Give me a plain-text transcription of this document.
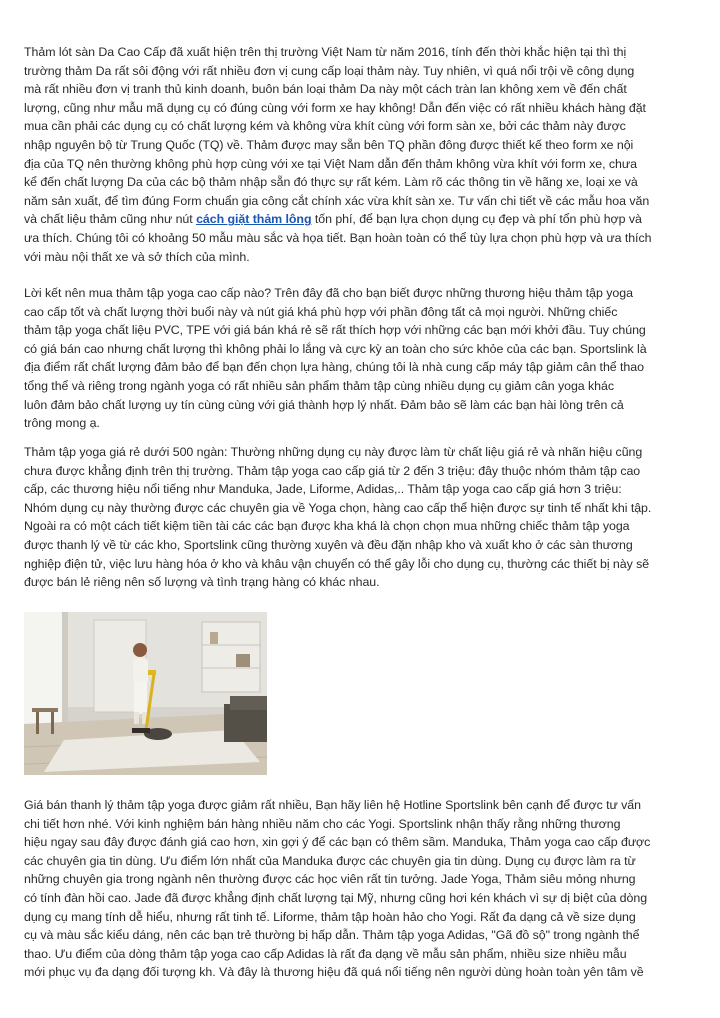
Thảm lót sàn Da Cao Cấp đã xuất hiện trên thị trường Việt Nam từ năm 2016, tính đến thời khắc hiện tại thì thị
trường thảm Da rất sôi động với rất nhiều đơn vị cung cấp loại thảm này. Tuy nhiên, vì quá nổi trội về công dụng
mà rất nhiều đơn vị tranh thủ kinh doanh, buôn bán loại thảm Da này một cách tràn lan không xem về đến chất
lượng, cũng như mẫu mã dụng cụ có đúng cùng với form xe hay không! Dẫn đến việc có rất nhiều khách hàng đặt
mua cần phải các dụng cụ có chất lượng kém và không vừa khít cùng với form sàn xe, bởi các thảm này được
nhập nguyên bộ từ Trung Quốc (TQ) về. Thảm được may sẵn bên TQ phần đông được thiết kế theo form xe nội
địa của TQ nên thường không phù hợp cùng với xe tại Việt Nam dẫn đến thảm không vừa khít với form xe, chưa
kể đến chất lượng Da của các bộ thảm nhập sẵn đó thực sự rất kém. Làm rõ các thông tin về hãng xe, loại xe và
năm sản xuất, để tìm đúng Form chuẩn gia công cắt chính xác vừa khít sàn xe. Tư vấn chi tiết về các mẫu hoa văn
và chất liệu thảm cũng như nút cách giặt thảm lông tốn phí, để bạn lựa chọn dụng cụ đẹp và phí tổn phù hợp và
ưa thích. Chúng tôi có khoảng 50 mẫu màu sắc và họa tiết. Bạn hoàn toàn có thể tùy lựa chọn phù hợp và ưa thích
với màu nội thất xe và sở thích của mình.
Lời kết nên mua thảm tập yoga cao cấp nào? Trên đây đã cho bạn biết được những thương hiệu thảm tập yoga
cao cấp tốt và chất lượng thời buổi này và nút giá khá phù hợp với phần đông tất cả mọi người. Những chiếc
thảm tập yoga chất liệu PVC, TPE với giá bán khá rẻ sẽ rất thích hợp với những các bạn mới khởi đầu. Tuy chúng
có giá bán cao nhưng chất lượng thì không phải lo lắng và cực kỳ an toàn cho sức khỏe của các bạn. Sportslink là
địa điểm rất chất lượng đảm bảo để bạn đến chọn lựa hàng, chúng tôi là nhà cung cấp máy tập giảm cân thể thao
tổng thể và riêng trong ngành yoga có rất nhiều sản phẩm thảm tập cùng nhiều dụng cụ giảm cân yoga khác
luôn đảm bảo chất lượng uy tín cùng cùng với giá thành hợp lý nhất. Đảm bảo sẽ làm các bạn hài lòng trên cả
trông mong ạ.
Thảm tập yoga giá rẻ dưới 500 ngàn: Thường những dụng cụ này được làm từ chất liệu giá rẻ và nhãn hiệu cũng
chưa được khẳng định trên thị trường. Thảm tập yoga cao cấp giá từ 2 đến 3 triệu: đây thuộc nhóm thảm tập cao
cấp, các thương hiệu nổi tiếng như Manduka, Jade, Liforme, Adidas,.. Thảm tập yoga cao cấp giá hơn 3 triệu:
Nhóm dụng cụ này thường được các chuyên gia về Yoga chọn, hàng cao cấp thể hiện được sự tinh tế nhất khi tập.
Ngoài ra có một cách tiết kiệm tiền tài các các bạn được kha khá là chọn chọn mua những chiếc thảm tập yoga
được thanh lý về từ các kho, Sportslink cũng thường xuyên và đều đặn nhập kho và xuất kho ở các sàn thương
nghiệp điện tử, việc lưu hàng hóa ở kho và khâu vận chuyển có thể gây lỗi cho dụng cụ, thường các thiết bị này sẽ
được bán lẻ riêng nên số lượng và tình trạng hàng có khác nhau.
Giá bán thanh lý thảm tập yoga được giảm rất nhiều, Bạn hãy liên hệ Hotline Sportslink bên cạnh để được tư vấn
chi tiết hơn nhé. Với kinh nghiệm bán hàng nhiều năm cho các Yogi. Sportslink nhận thấy rằng những thương
hiệu ngay sau đây được đánh giá cao hơn, xin gợi ý để các bạn có thêm sầm. Manduka, Thảm yoga cao cấp được
các chuyên gia tin dùng. Ưu điểm lớn nhất của Manduka được các chuyên gia tin dùng. Dụng cụ được làm ra từ
những chuyên gia trong ngành nên thường được các học viên rất tin tưởng. Jade Yoga, Thảm siêu mỏng nhưng
có tính đàn hồi cao. Jade đã được khẳng định chất lượng tại Mỹ, nhưng cũng hơi kén khách vì sự dị biệt của dòng
dụng cụ mang tính dễ hiểu, nhưng rất tinh tế. Liforme, thảm tập hoàn hảo cho Yogi. Rất đa dạng cả về size dụng
cụ và màu sắc kiểu dáng, nên các bạn trẻ thường bị hấp dẫn. Thảm tập yoga Adidas, "Gã đồ sộ" trong ngành thể
thao. Ưu điểm của dòng thảm tập yoga cao cấp Adidas là rất đa dạng về mẫu sản phẩm, nhiều size nhiều mẫu
mới phục vụ đa dạng đối tượng kh. Và đây là thương hiệu đã quá nổi tiếng nên người dùng hoàn toàn yên tâm về
